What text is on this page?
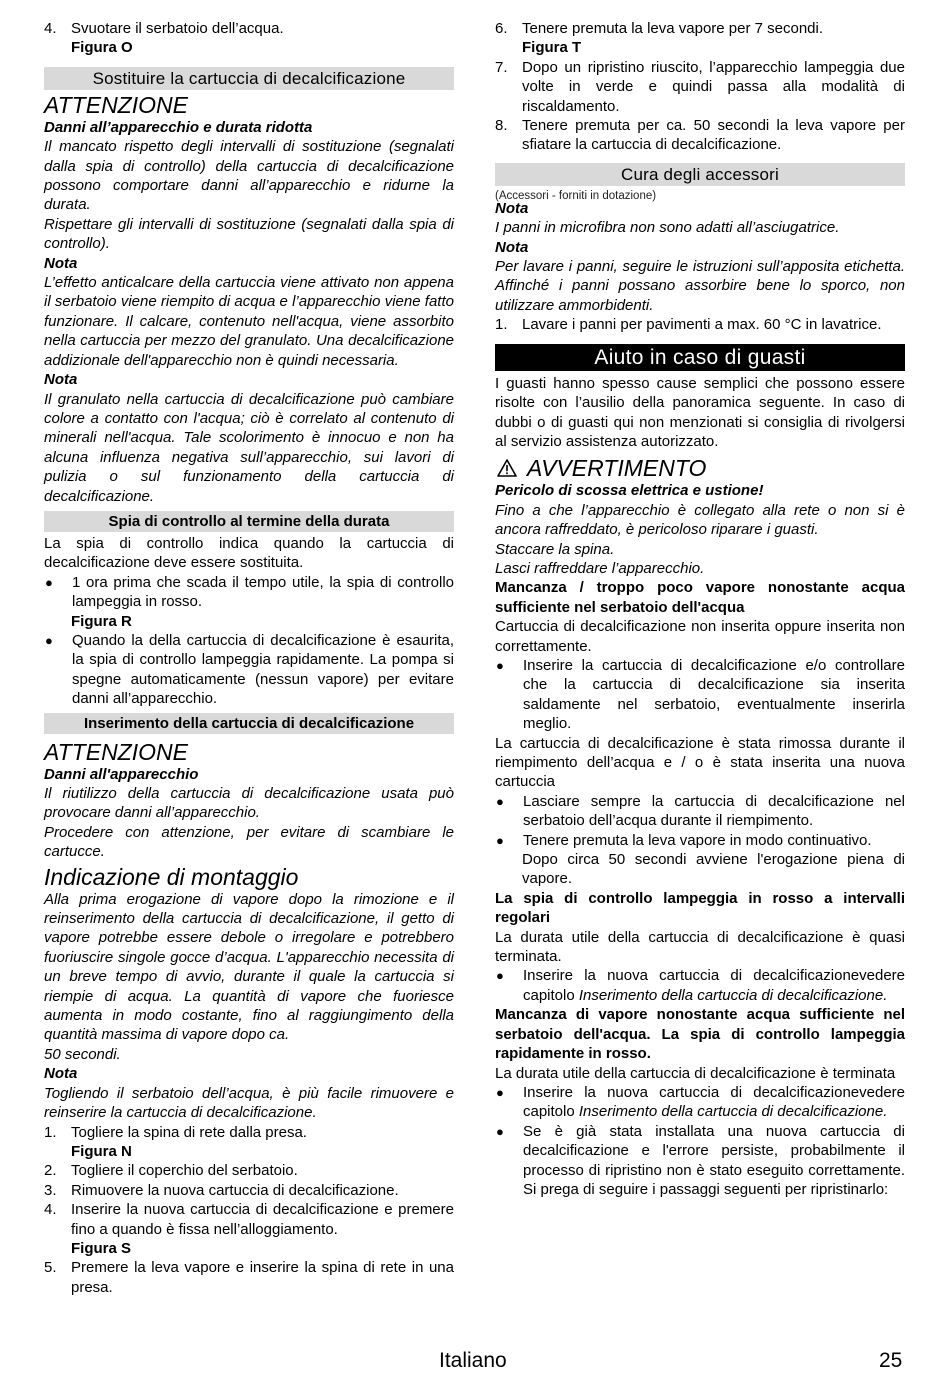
4. Svuotare il serbatoio dell’acqua.
Figura O
Sostituire la cartuccia di decalcificazione
ATTENZIONE

Danni all’apparecchio e durata ridotta

Il mancato rispetto degli intervalli di sostituzione (segnalati dalla spia di controllo) della cartuccia di decalcificazione possono comportare danni all’apparecchio e ridurne la durata.

Rispettare gli intervalli di sostituzione (segnalati dalla spia di controllo).

Nota

L’effetto anticalcare della cartuccia viene attivato non appena il serbatoio viene riempito di acqua e l’apparecchio viene fatto funzionare. Il calcare, contenuto nell'acqua, viene assorbito nella cartuccia per mezzo del granulato. Una decalcificazione addizionale dell'apparecchio non è quindi necessaria.

Nota

Il granulato nella cartuccia di decalcificazione può cambiare colore a contatto con l'acqua; ciò è correlato al contenuto di minerali nell'acqua. Tale scolorimento è innocuo e non ha alcuna influenza negativa sull’apparecchio, sui lavori di pulizia o sul funzionamento della cartuccia di decalcificazione.

Spia di controllo al termine della durata

La spia di controllo indica quando la cartuccia di decalcificazione deve essere sostituita.

●	1 ora prima che scada il tempo utile, la spia di controllo lampeggia in rosso.
Figura R
●	Quando la della cartuccia di decalcificazione è esaurita, la spia di controllo lampeggia rapidamente. La pompa si spegne automaticamente (nessun vapore) per evitare danni all’apparecchio.
Inserimento della cartuccia di decalcificazione
ATTENZIONE

Danni all'apparecchio

Il riutilizzo della cartuccia di decalcificazione usata può provocare danni all’apparecchio.

Procedere con attenzione, per evitare di scambiare le cartucce.

Indicazione di montaggio

Alla prima erogazione di vapore dopo la rimozione e il reinserimento della cartuccia di decalcificazione, il getto di vapore potrebbe essere debole o irregolare e potrebbero fuoriuscire singole gocce d’acqua. L'apparecchio necessita di un breve tempo di avvio, durante il quale la cartuccia si riempie di acqua. La quantità di vapore che fuoriesce aumenta in modo costante, fino al raggiungimento della quantità massima di vapore dopo ca.

50 secondi.

Nota

Togliendo il serbatoio dell’acqua, è più facile rimuovere e reinserire la cartuccia di decalcificazione.

1. Togliere la spina di rete dalla presa.
Figura N
2. Togliere il coperchio del serbatoio.
3. Rimuovere la nuova cartuccia di decalcificazione.
4. Inserire la nuova cartuccia di decalcificazione e premere fino a quando è fissa nell’alloggiamento.
Figura S
5. Premere la leva vapore e inserire la spina di rete in una presa.
6. Tenere premuta la leva vapore per 7 secondi.
Figura T
7. Dopo un ripristino riuscito, l’apparecchio lampeggia due volte in verde e quindi passa alla modalità di riscaldamento.
8. Tenere premuta per ca. 50 secondi la leva vapore per sfiatare la cartuccia di decalcificazione.
Cura degli accessori

(Accessori - forniti in dotazione)

Nota

I panni in microfibra non sono adatti all’asciugatrice.

Nota

Per lavare i panni, seguire le istruzioni sull’apposita etichetta. Affinché i panni possano assorbire bene lo sporco, non utilizzare ammorbidenti.

1. Lavare i panni per pavimenti a max. 60 °C in lavatrice.
Aiuto in caso di guasti

I guasti hanno spesso cause semplici che possono essere risolte con l’ausilio della panoramica seguente. In caso di dubbi o di guasti qui non menzionati si consiglia di rivolgersi al servizio assistenza autorizzato.

AVVERTIMENTO

Pericolo di scossa elettrica e ustione!

Fino a che l’apparecchio è collegato alla rete o non si è ancora raffreddato, è pericoloso riparare i guasti.

Staccare la spina.

Lasci raffreddare l’apparecchio.

Mancanza / troppo poco vapore nonostante acqua sufficiente nel serbatoio dell'acqua

Cartuccia di decalcificazione non inserita oppure inserita non correttamente.

●	Inserire la cartuccia di decalcificazione e/o controllare che la cartuccia di decalcificazione sia inserita saldamente nel serbatoio, eventualmente inserirla meglio.

La cartuccia di decalcificazione è stata rimossa durante il riempimento dell’acqua e / o è stata inserita una nuova cartuccia

●	Lasciare sempre la cartuccia di decalcificazione nel serbatoio dell’acqua durante il riempimento.
●	Tenere premuta la leva vapore in modo continuativo.

Dopo circa 50 secondi avviene l'erogazione piena di vapore.

La spia di controllo lampeggia in rosso a intervalli regolari

La durata utile della cartuccia di decalcificazione è quasi terminata.

●	Inserire la nuova cartuccia di decalcificazionevedere capitolo Inserimento della cartuccia di decalcificazione.

Mancanza di vapore nonostante acqua sufficiente nel serbatoio dell'acqua. La spia di controllo lampeggia rapidamente in rosso.

La durata utile della cartuccia di decalcificazione è terminata

●	Inserire la nuova cartuccia di decalcificazionevedere capitolo Inserimento della cartuccia di decalcificazione.
●	Se è già stata installata una nuova cartuccia di decalcificazione e l'errore persiste, probabilmente il processo di ripristino non è stato eseguito correttamente. Si prega di seguire i passaggi seguenti per ripristinarlo:
Italiano	25
